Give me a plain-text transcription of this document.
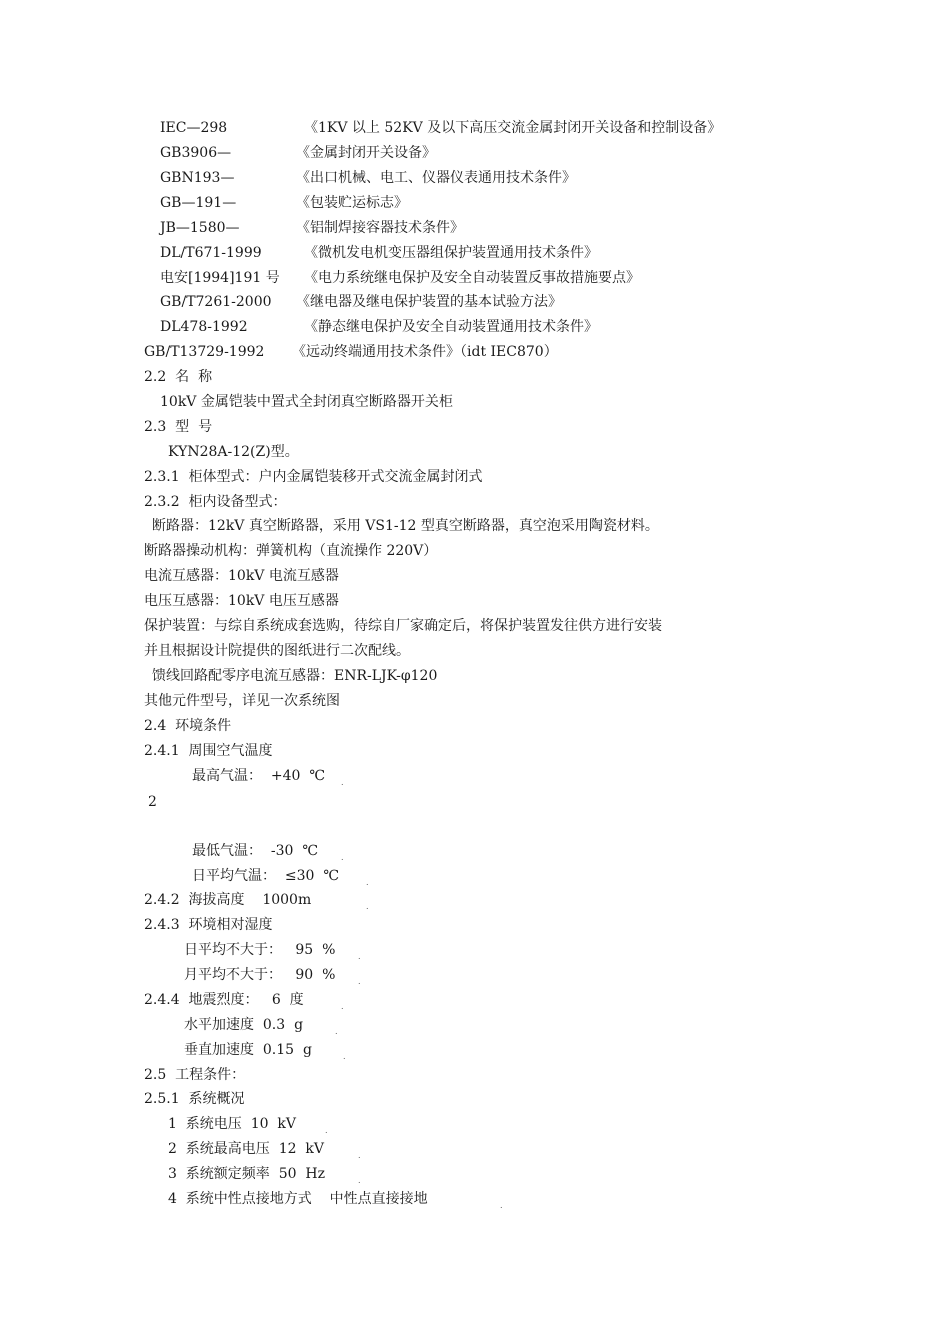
IEC—298	《1KV 以上 52KV 及以下高压交流金属封闭开关设备和控制设备》
GB3906—	《金属封闭开关设备》
GBN193—	《出口机械、电工、仪器仪表通用技术条件》
GB—191—	《包装贮运标志》
JB—1580—	《铝制焊接容器技术条件》
DL/T671-1999	《微机发电机变压器组保护装置通用技术条件》
电安[1994]191 号 《电力系统继电保护及安全自动装置反事故措施要点》
GB/T7261-2000 《继电器及继电保护装置的基本试验方法》
DL478-1992	《静态继电保护及安全自动装置通用技术条件》
GB/T13729-1992 《远动终端通用技术条件》（idt IEC870）
2.2  名  称
10kV 金属铠装中置式全封闭真空断路器开关柜
2.3  型  号
KYN28A-12(Z)型。
2.3.1  柜体型式：户内金属铠装移开式交流金属封闭式
2.3.2  柜内设备型式：
断路器：12kV 真空断路器，采用 VS1-12 型真空断路器，真空泡采用陶瓷材料。
断路器操动机构：弹簧机构（直流操作 220V）
电流互感器：10kV 电流互感器
电压互感器：10kV 电压互感器
保护装置：与综自系统成套选购，待综自厂家确定后，将保护装置发往供方进行安装
并且根据设计院提供的图纸进行二次配线。
馈线回路配零序电流互感器：ENR-LJK-φ120
其他元件型号，详见一次系统图
2.4  环境条件
2.4.1  周围空气温度
最高气温：  +40  ℃
2
最低气温：  -30  ℃
日平均气温：  ≤30  ℃
2.4.2  海拔高度    1000m
2.4.3  环境相对湿度
日平均不大于：   95  %
月平均不大于：   90  %
2.4.4  地震烈度：   6  度
水平加速度  0.3  g
垂直加速度  0.15  g
2.5  工程条件：
2.5.1  系统概况
1  系统电压  10  kV
2  系统最高电压  12  kV
3  系统额定频率  50  Hz
4  系统中性点接地方式    中性点直接接地
.
.
.
.
.
.
.
.
.
.
.
.
.
